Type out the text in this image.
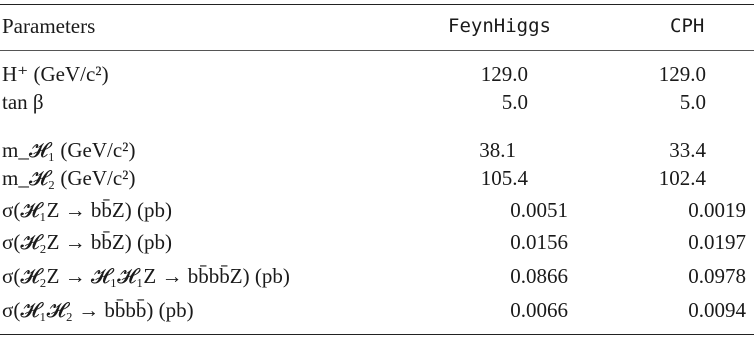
Parameters	FeynHiggs	CPH
H⁺ (GeV/c²)	129.0	129.0
tan β	5.0	5.0
m_𝓗₁ (GeV/c²)	38.1	33.4
m_𝓗₂ (GeV/c²)	105.4	102.4
σ(𝓗₁Z → bb̄Z) (pb)	0.0051	0.0019
σ(𝓗₂Z → bb̄Z) (pb)	0.0156	0.0197
σ(𝓗₂Z → 𝓗₁𝓗₁Z → bb̄bb̄Z) (pb)	0.0866	0.0978
σ(𝓗₁𝓗₂ → bb̄bb̄) (pb)	0.0066	0.0094
